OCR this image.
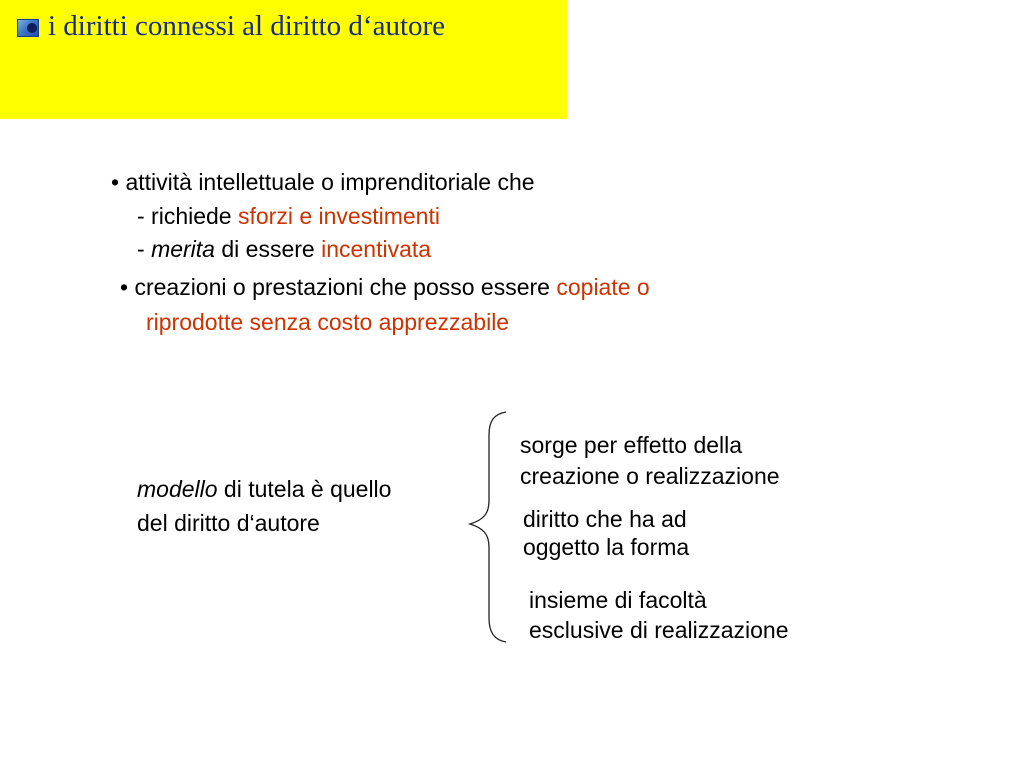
i diritti connessi al diritto d‘autore

• attività intellettuale o imprenditoriale che

- richiede sforzi e investimenti

- merita di essere incentivata

• creazioni o prestazioni che posso essere copiate o

riprodotte senza costo apprezzabile

modello di tutela è quello

del diritto d‘autore

sorge per effetto della

creazione o realizzazione

diritto che ha ad

oggetto la forma

insieme di facoltà

esclusive di realizzazione
